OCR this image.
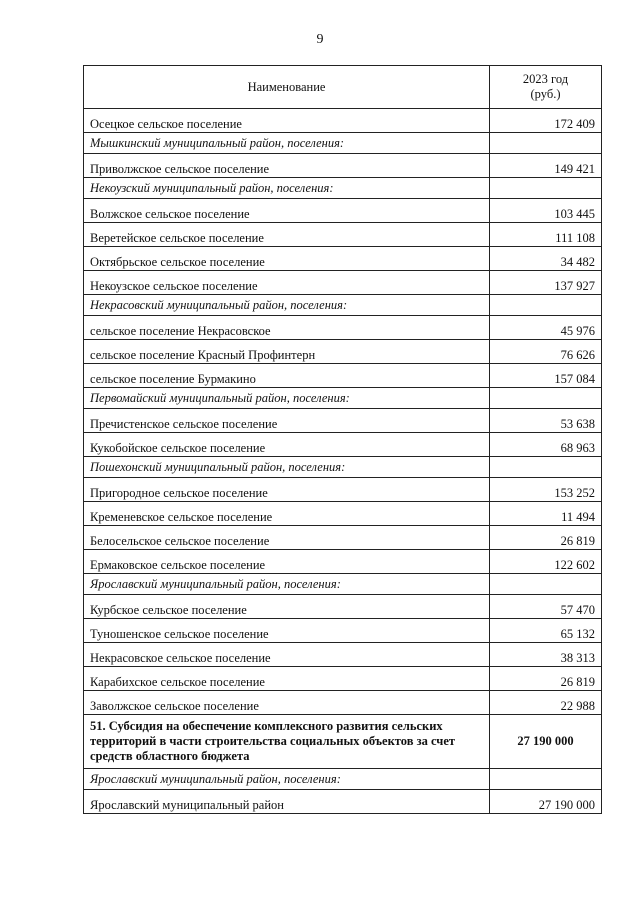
9
Наименование	2023 год
(руб.)
Осецкое сельское поселение	172 409
Мышкинский муниципальный район, поселения:	
Приволжское сельское поселение	149 421
Некоузский муниципальный район, поселения:	
Волжское сельское поселение	103 445
Веретейское сельское поселение	111 108
Октябрьское сельское поселение	34 482
Некоузское сельское поселение	137 927
Некрасовский муниципальный район, поселения:	
сельское поселение Некрасовское	45 976
сельское поселение Красный Профинтерн	76 626
сельское поселение Бурмакино	157 084
Первомайский муниципальный район, поселения:	
Пречистенское сельское поселение	53 638
Кукобойское сельское поселение	68 963
Пошехонский муниципальный район, поселения:	
Пригородное сельское поселение	153 252
Кременевское сельское поселение	11 494
Белосельское сельское поселение	26 819
Ермаковское сельское поселение	122 602
Ярославский муниципальный район, поселения:	
Курбское сельское поселение	57 470
Туношенское сельское поселение	65 132
Некрасовское сельское поселение	38 313
Карабихское сельское поселение	26 819
Заволжское сельское поселение	22 988
51. Субсидия на обеспечение комплексного развития сельских территорий в части строительства социальных объектов за счет средств областного бюджета	27 190 000
Ярославский муниципальный район, поселения:	
Ярославский муниципальный район	27 190 000
